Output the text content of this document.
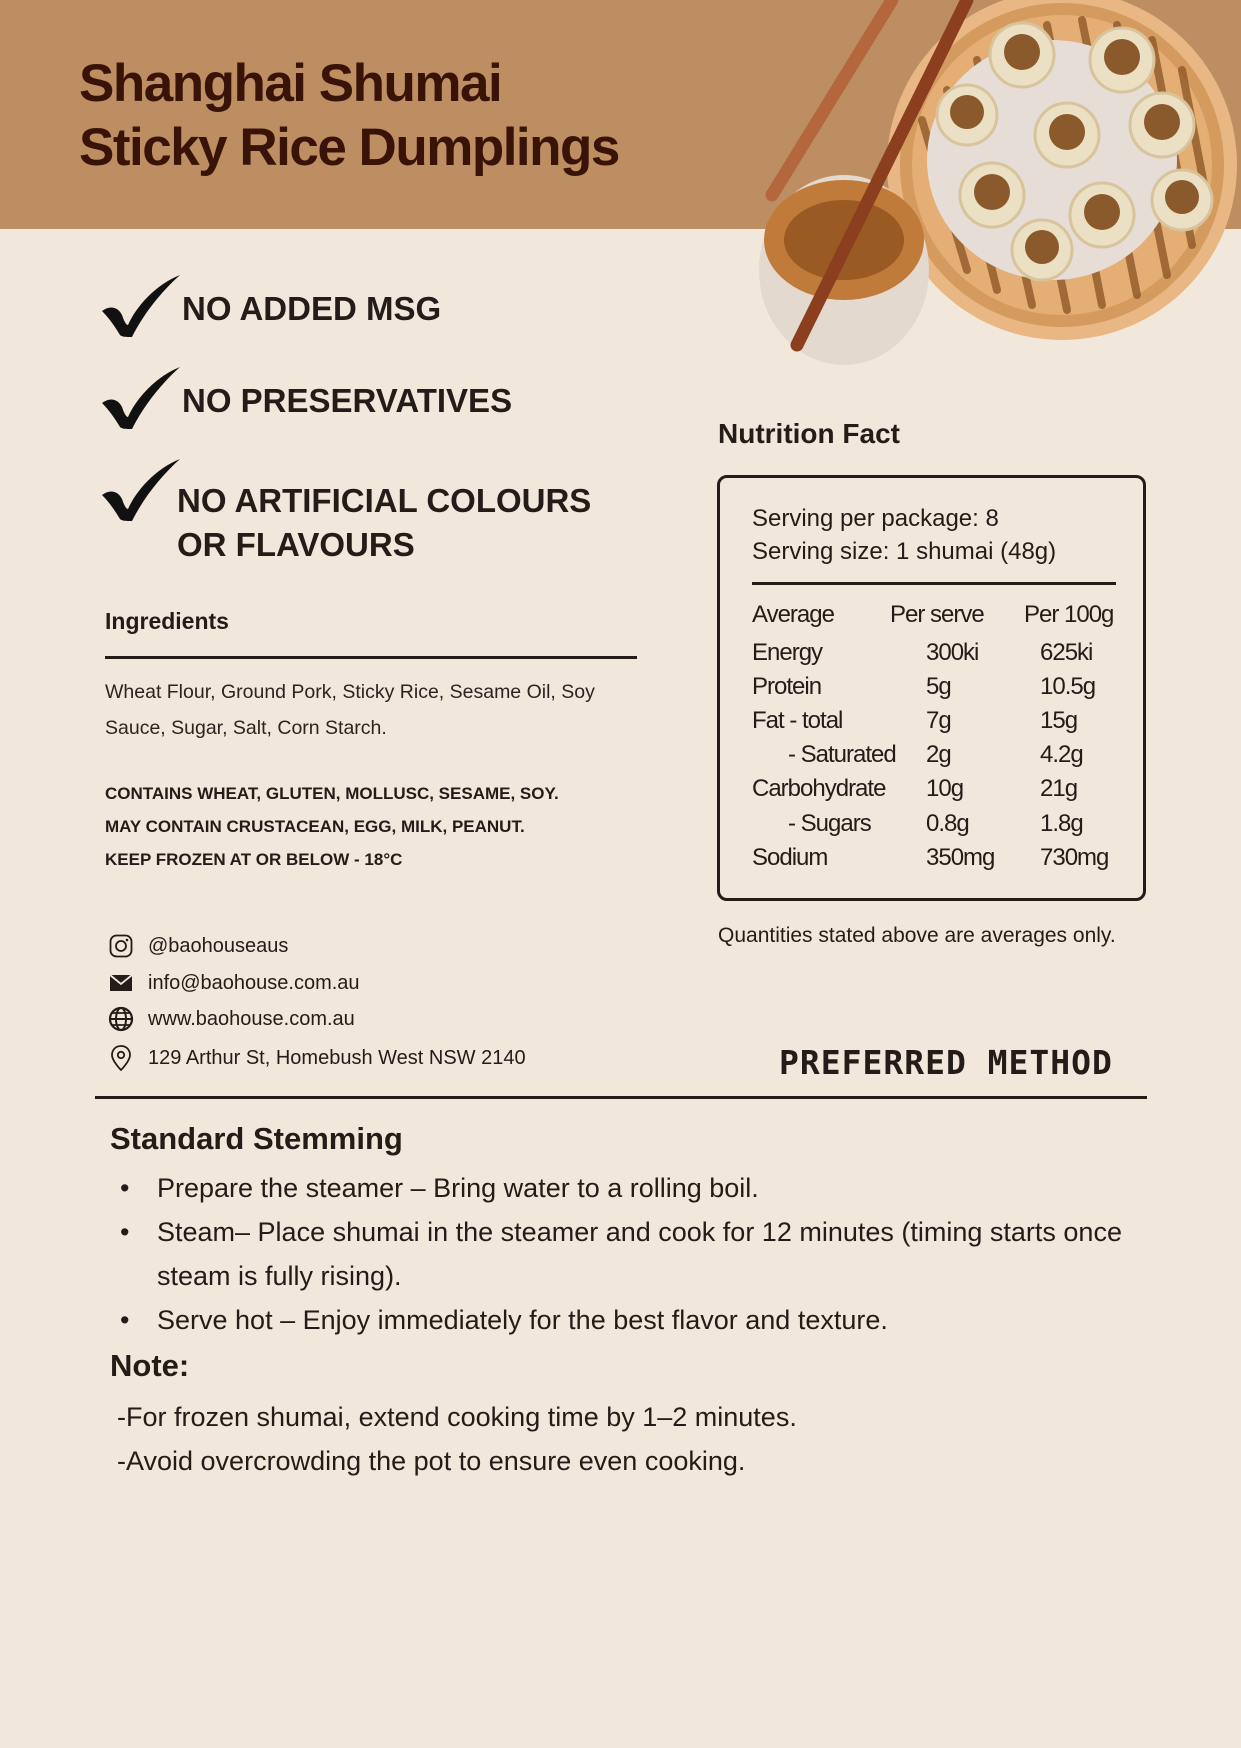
Shanghai Shumai
Sticky Rice Dumplings
NO ADDED MSG
NO PRESERVATIVES
NO ARTIFICIAL COLOURS
OR FLAVOURS
Ingredients
Wheat Flour, Ground Pork, Sticky Rice, Sesame Oil, Soy Sauce, Sugar, Salt, Corn Starch.
CONTAINS WHEAT, GLUTEN, MOLLUSC, SESAME, SOY.
MAY CONTAIN CRUSTACEAN, EGG, MILK, PEANUT.
KEEP FROZEN AT OR BELOW - 18°C
@baohouseaus
info@baohouse.com.au
www.baohouse.com.au
129 Arthur St, Homebush West NSW 2140
Nutrition Fact
Serving per package: 8
Serving size: 1 shumai (48g)
Average Per serve Per 100g
Energy	300ki	625ki
Protein	5g	10.5g
Fat - total	7g	15g
- Saturated 2g	4.2g
Carbohydrate 10g	21g
- Sugars 0.8g	1.8g
Sodium	350mg 730mg
Quantities stated above are averages only.
PREFERRED METHOD
Standard Stemming
• Prepare the steamer – Bring water to a rolling boil.
• Steam– Place shumai in the steamer and cook for 12 minutes (timing starts once steam is fully rising).
• Serve hot – Enjoy immediately for the best flavor and texture.
Note:
-For frozen shumai, extend cooking time by 1–2 minutes.
-Avoid overcrowding the pot to ensure even cooking.
